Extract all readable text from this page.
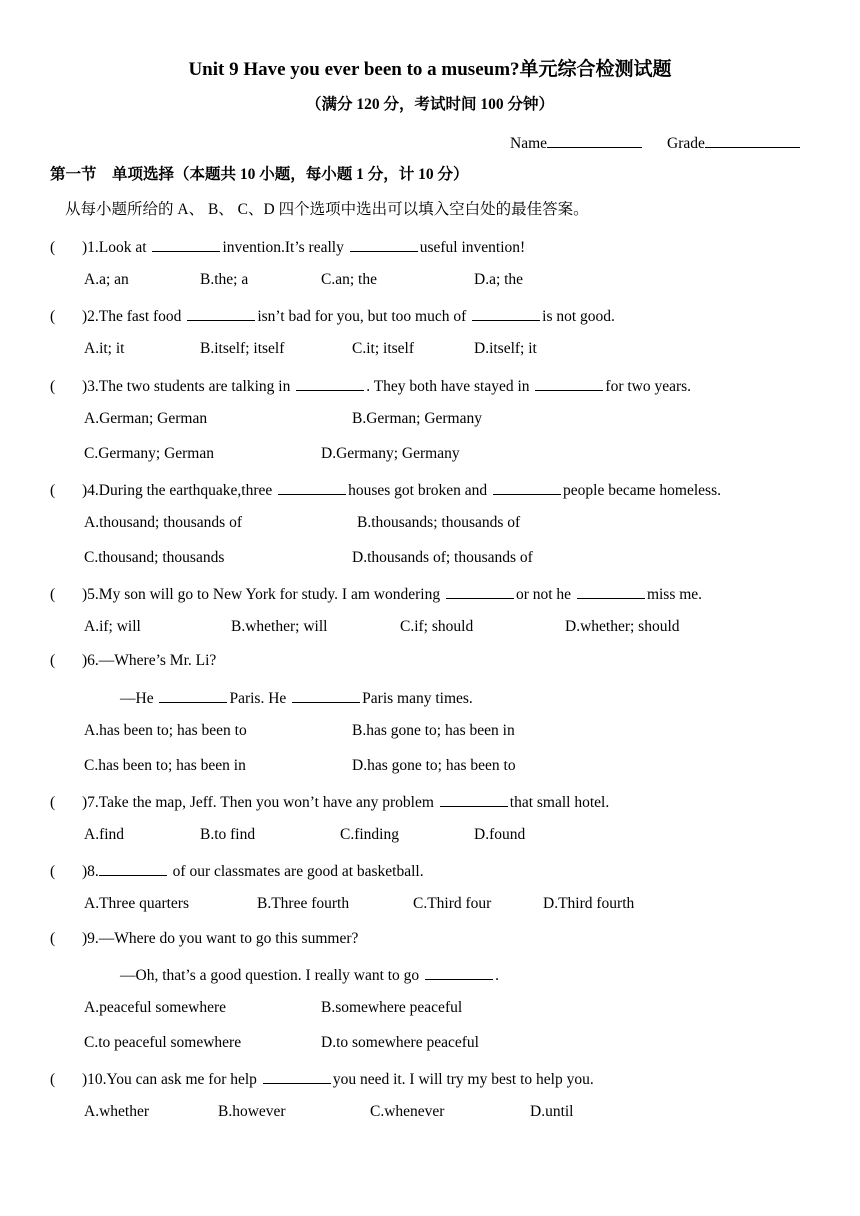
Unit 9 Have you ever been to a museum?单元综合检测试题
（满分 120 分，考试时间 100 分钟）
Name	Grade
第一节　单项选择（本题共 10 小题，每小题 1 分，计 10 分）
从每小题所给的 A、 B、 C、D 四个选项中选出可以填入空白处的最佳答案。
( )1.Look at	invention.It’s really	useful invention!
A.a; an	B.the; a	C.an; the	D.a; the
( )2.The fast food	isn’t bad for you, but too much of	is not good.
A.it; it	B.itself; itself	C.it; itself	D.itself; it
( )3.The two students are talking in	. They both have stayed in	for two years.
A.German; German	B.German; Germany
C.Germany; German	D.Germany; Germany
( )4.During the earthquake,three	houses got broken and	people became homeless.
A.thousand; thousands of	B.thousands; thousands of
C.thousand; thousands	D.thousands of; thousands of
( )5.My son will go to New York for study. I am wondering	or not he	miss me.
A.if; will	B.whether; will	C.if; should	D.whether; should
( )6.—Where’s Mr. Li?
—He	Paris. He	Paris many times.
A.has been to; has been to	B.has gone to; has been in
C.has been to; has been in	D.has gone to; has been to
( )7.Take the map, Jeff. Then you won’t have any problem	that small hotel.
A.find	B.to find	C.finding	D.found
( )8.	of our classmates are good at basketball.
A.Three quarters	B.Three fourth	C.Third four	D.Third fourth
( )9.—Where do you want to go this summer?
—Oh, that’s a good question. I really want to go	.
A.peaceful somewhere	B.somewhere peaceful
C.to peaceful somewhere	D.to somewhere peaceful
( )10.You can ask me for help	you need it. I will try my best to help you.
A.whether	B.however	C.whenever	D.until
